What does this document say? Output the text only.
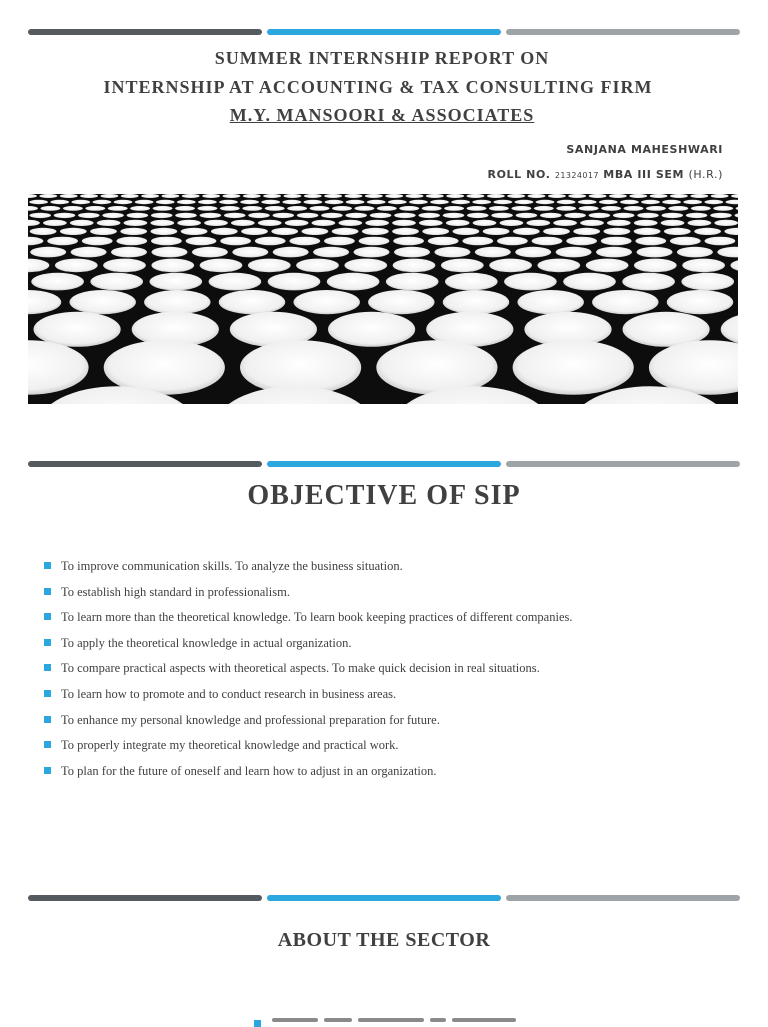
SUMMER INTERNSHIP REPORT ON
INTERNSHIP AT ACCOUNTING & TAX CONSULTING FIRM
M.Y. MANSOORI & ASSOCIATES
SANJANA MAHESHWARI
ROLL NO. 21324017 MBA III SEM (H.R.)
OBJECTIVE OF SIP
To improve communication skills. To analyze the business situation.
To establish high standard in professionalism.
To learn more than the theoretical knowledge. To learn book keeping practices of different companies.
To apply the theoretical knowledge in actual organization.
To compare practical aspects with theoretical aspects. To make quick decision in real situations.
To learn how to promote and to conduct research in business areas.
To enhance my personal knowledge and professional preparation for future.
To properly integrate my theoretical knowledge and practical work.
To plan for the future of oneself and learn how to adjust in an organization.
ABOUT THE SECTOR
